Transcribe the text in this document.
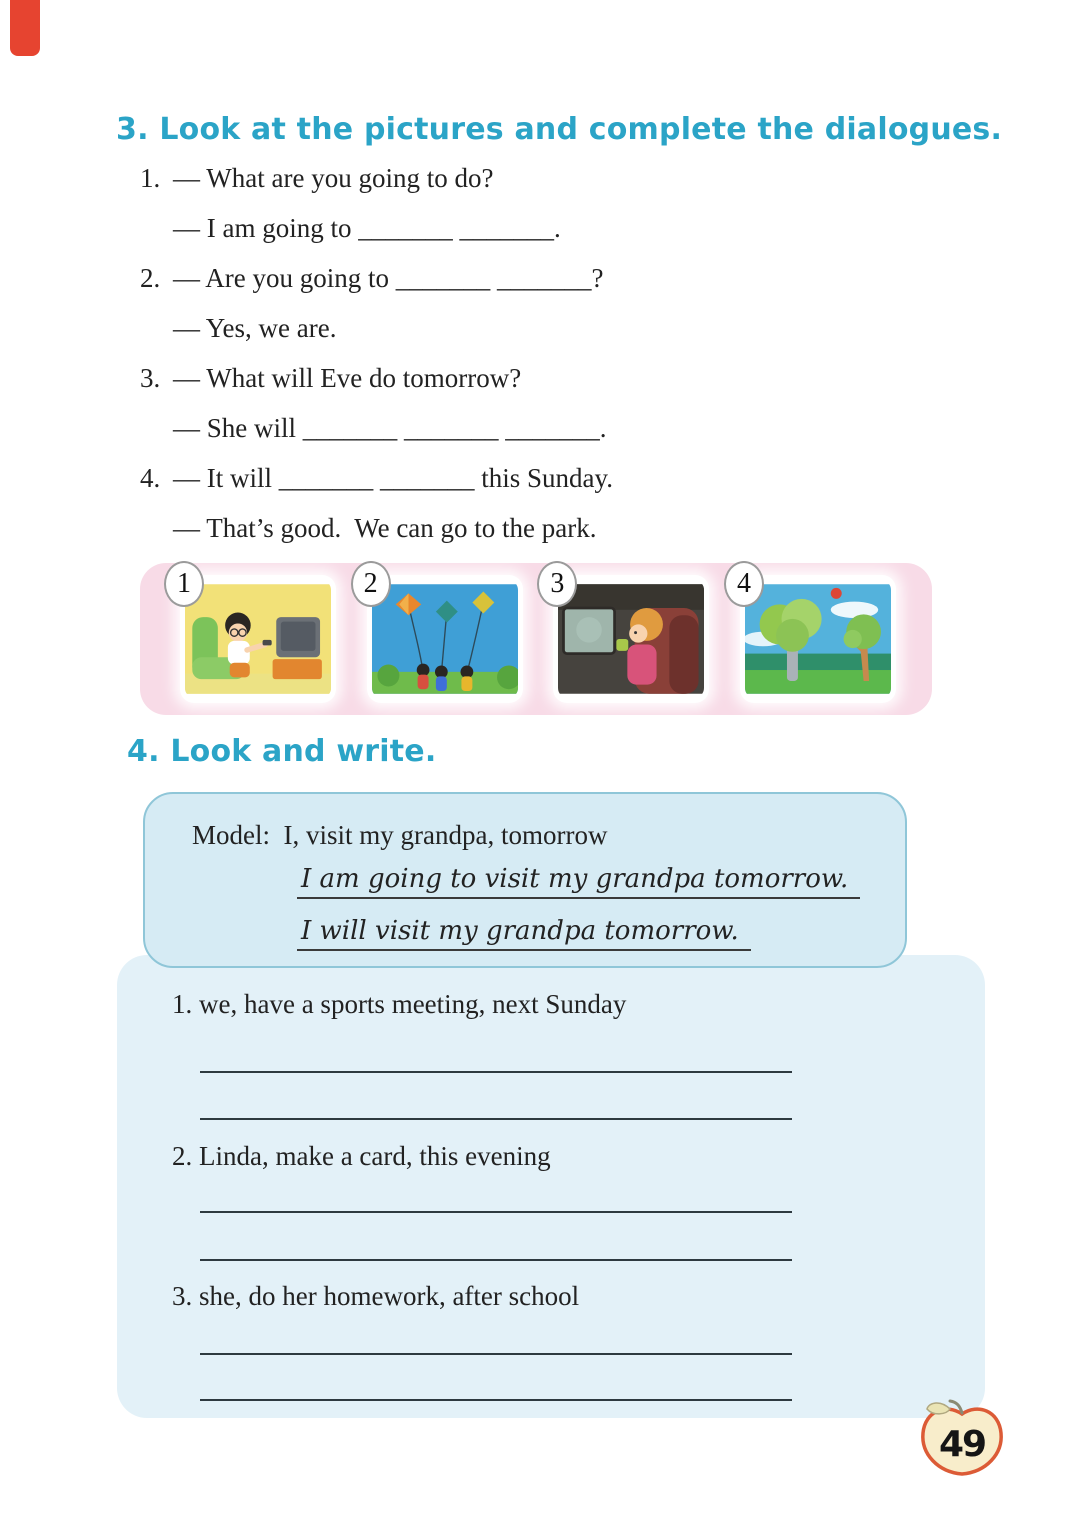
3. Look at the pictures and complete the dialogues.
1. — What are you going to do?
— I am going to _______ _______.
2. — Are you going to _______ _______?
— Yes, we are.
3. — What will Eve do tomorrow?
— She will _______ _______ _______.
4. — It will _______ _______ this Sunday.
— That’s good.  We can go to the park.
1	2	3	4
4. Look and write.
Model:  I, visit my grandpa, tomorrow
I am going to visit my grandpa tomorrow.
I will visit my grandpa tomorrow.
1. we, have a sports meeting, next Sunday
2. Linda, make a card, this evening
3. she, do her homework, after school
49
